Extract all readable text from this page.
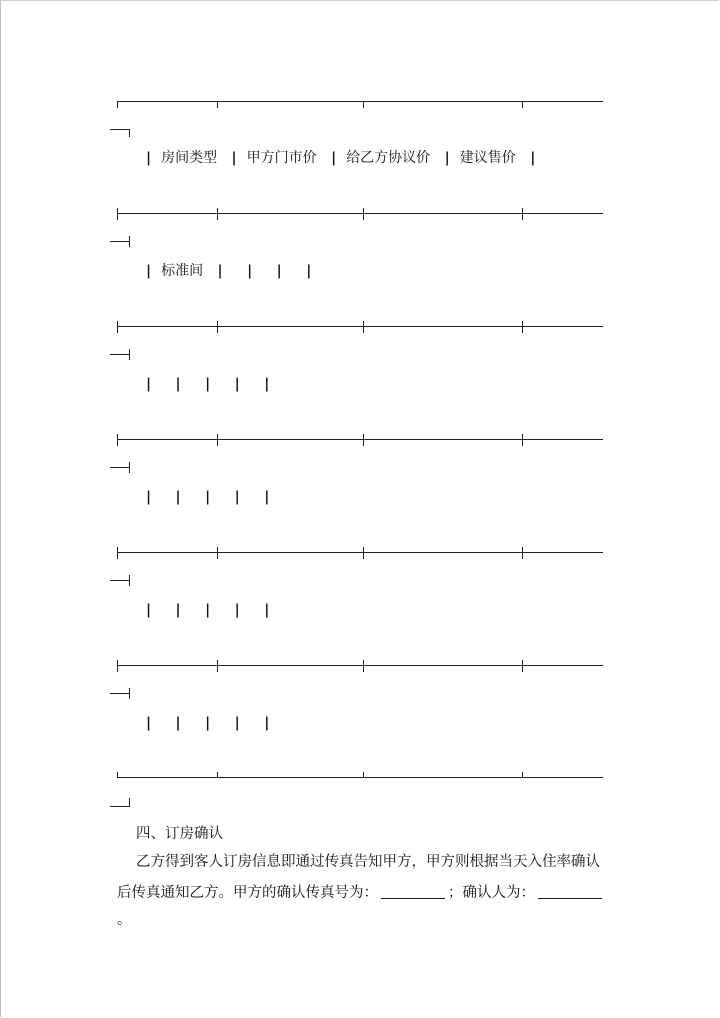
| 房间类型 | 甲方门市价 | 给乙方协议价 | 建议售价 |
| 标准间 | | | |
| | | | |
| | | | |
| | | | |
| | | | |
四、订房确认
乙方得到客人订房信息即通过传真告知甲方，甲方则根据当天入住率确认
后传真通知乙方。甲方的确认传真号为：	；确认人为：。
